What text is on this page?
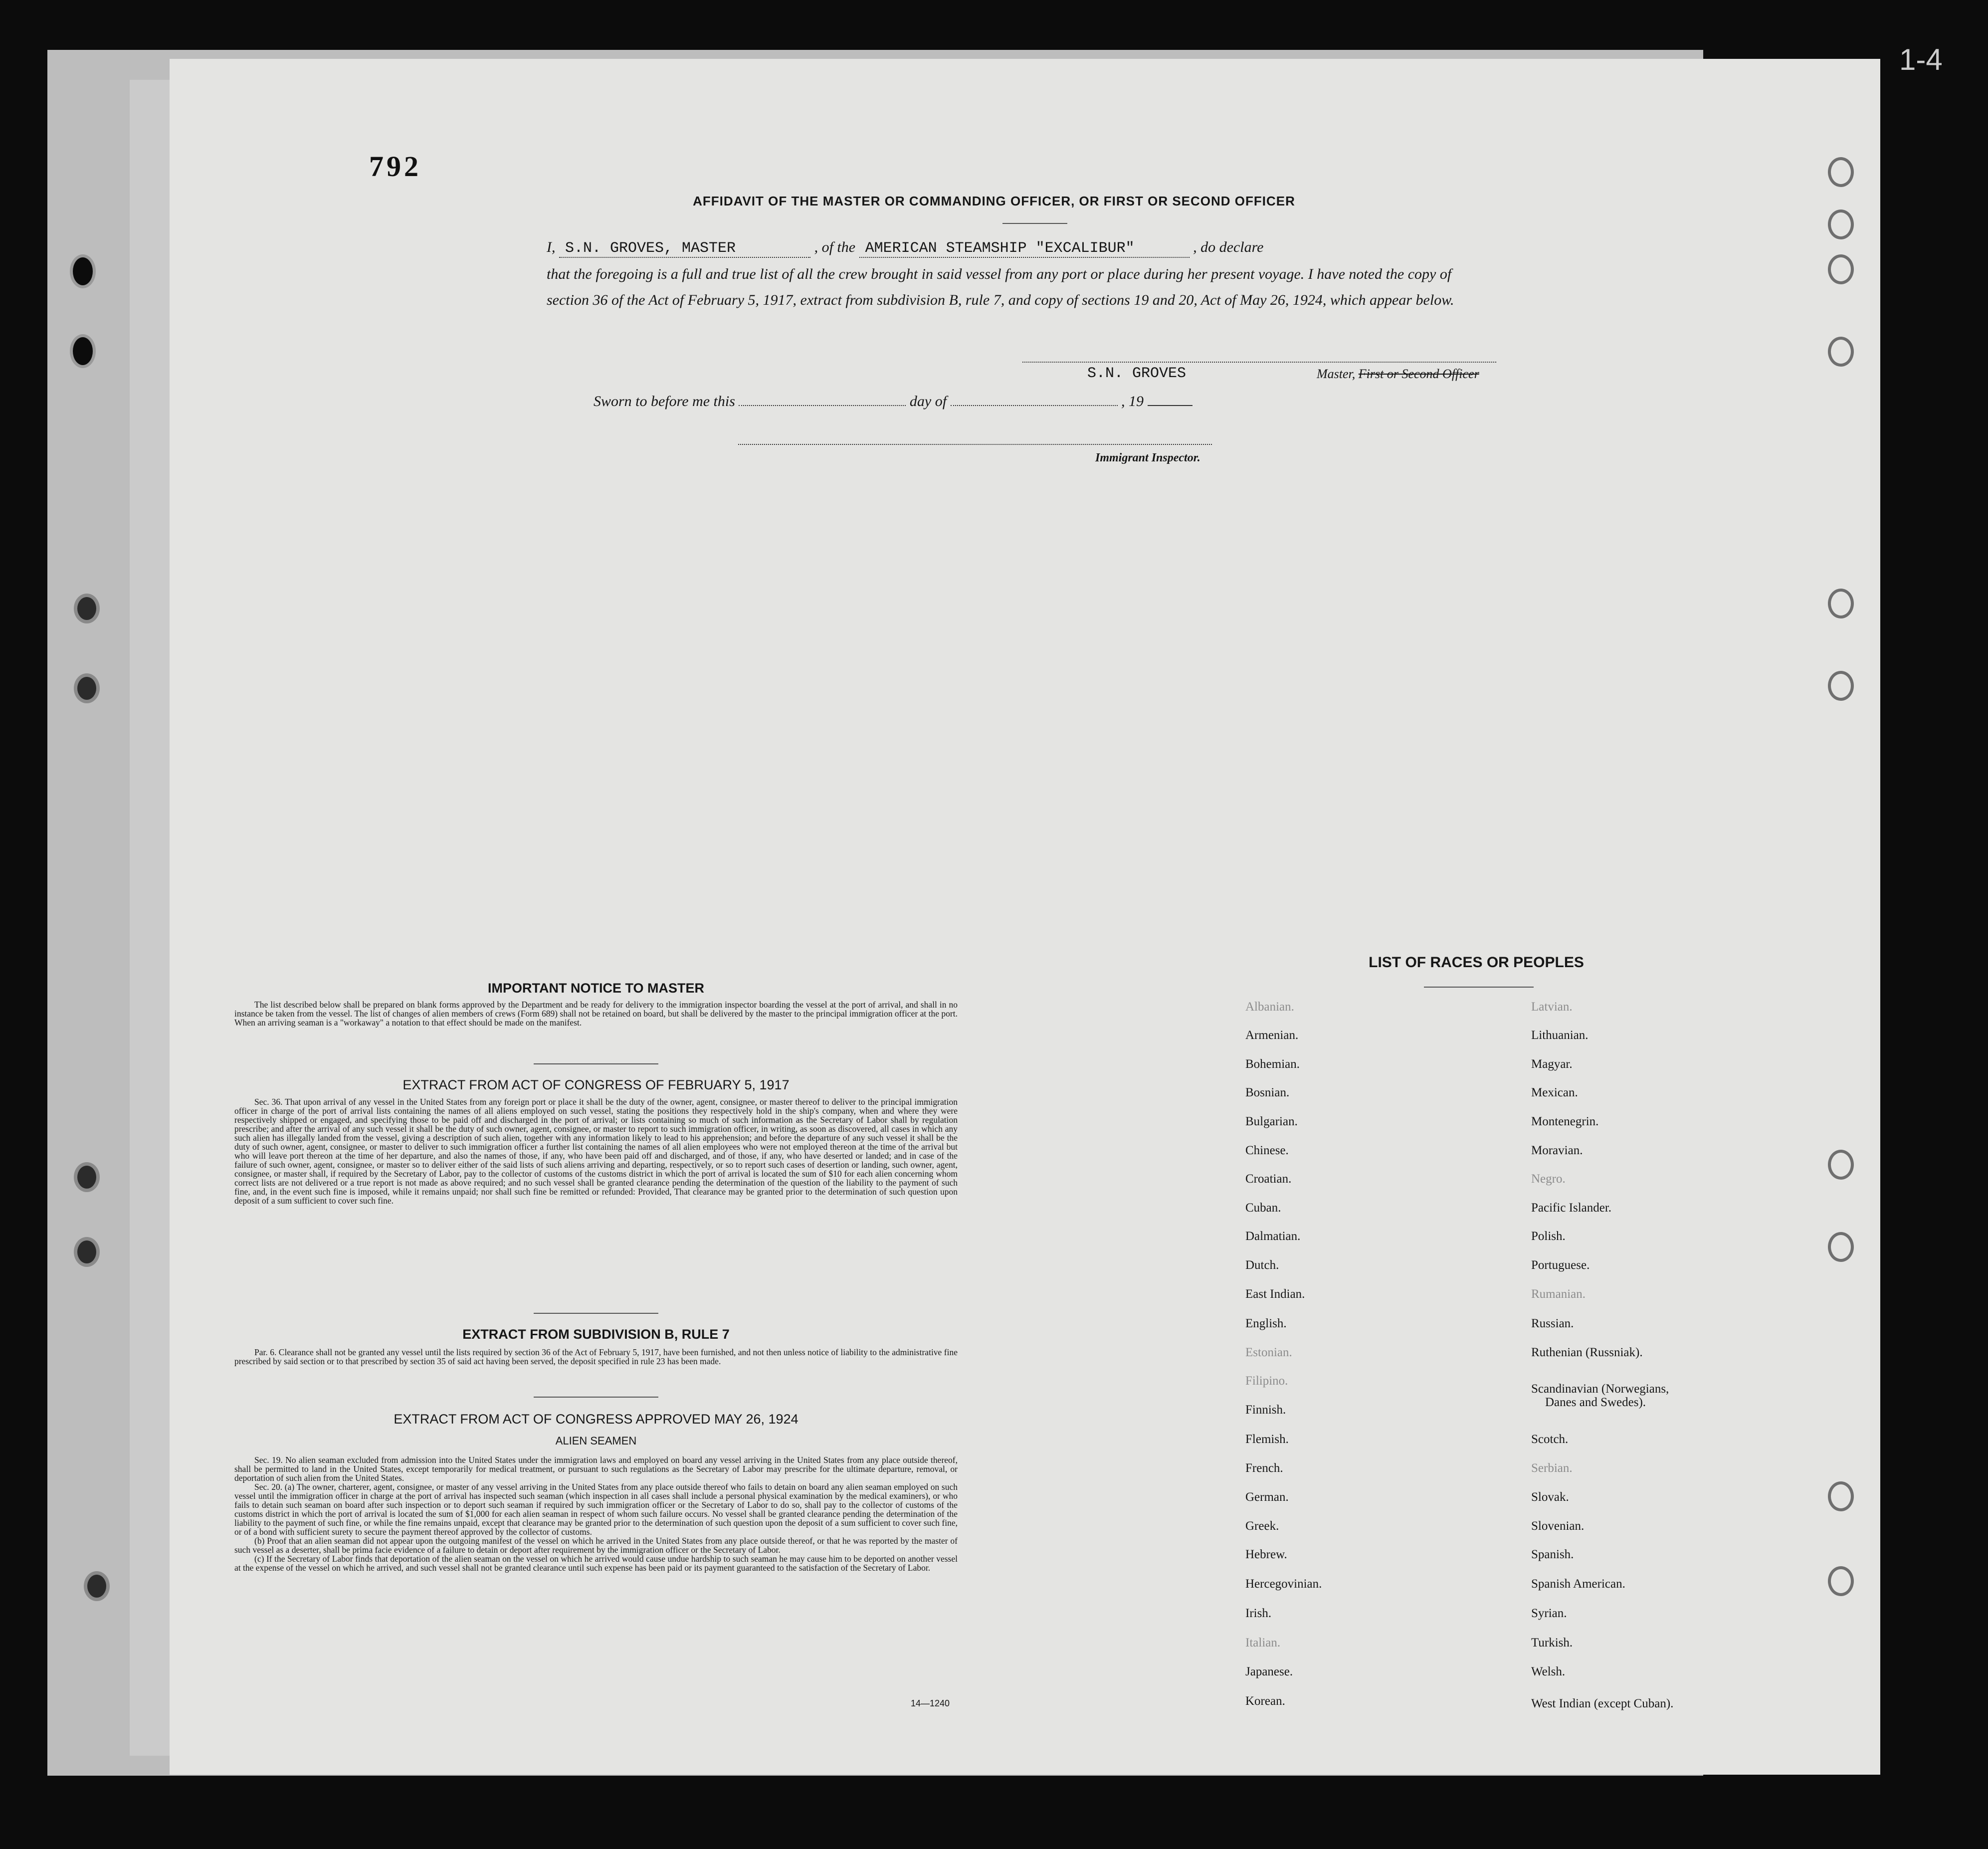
1-4
792
AFFIDAVIT OF THE MASTER OR COMMANDING OFFICER, OR FIRST OR SECOND OFFICER
I, S.N. GROVES, MASTER	, of the AMERICAN STEAMSHIP "EXCALIBUR"	, do declare
that the foregoing is a full and true list of all the crew brought in said vessel from any port or place during her present voyage. I have noted the copy of section 36 of the Act of February 5, 1917, extract from subdivision B, rule 7, and copy of sections 19 and 20, Act of May 26, 1924, which appear below.
S.N. GROVES	Master, First or Second Officer
Sworn to before me this	day of	, 19
Immigrant Inspector.
IMPORTANT NOTICE TO MASTER

The list described below shall be prepared on blank forms approved by the Department and be ready for delivery to the immigration inspector boarding the vessel at the port of arrival, and shall in no instance be taken from the vessel. The list of changes of alien members of crews (Form 689) shall not be retained on board, but shall be delivered by the master to the principal immigration officer at the port. When an arriving seaman is a "workaway" a notation to that effect should be made on the manifest.

EXTRACT FROM ACT OF CONGRESS OF FEBRUARY 5, 1917

Sec. 36. That upon arrival of any vessel in the United States from any foreign port or place it shall be the duty of the owner, agent, consignee, or master thereof to deliver to the principal immigration officer in charge of the port of arrival lists containing the names of all aliens employed on such vessel, stating the positions they respectively hold in the ship's company, when and where they were respectively shipped or engaged, and specifying those to be paid off and discharged in the port of arrival; or lists containing so much of such information as the Secretary of Labor shall by regulation prescribe; and after the arrival of any such vessel it shall be the duty of such owner, agent, consignee, or master to report to such immigration officer, in writing, as soon as discovered, all cases in which any such alien has illegally landed from the vessel, giving a description of such alien, together with any information likely to lead to his apprehension; and before the departure of any such vessel it shall be the duty of such owner, agent, consignee, or master to deliver to such immigration officer a further list containing the names of all alien employees who were not employed thereon at the time of the arrival but who will leave port thereon at the time of her departure, and also the names of those, if any, who have been paid off and discharged, and of those, if any, who have deserted or landed; and in case of the failure of such owner, agent, consignee, or master so to deliver either of the said lists of such aliens arriving and departing, respectively, or so to report such cases of desertion or landing, such owner, agent, consignee, or master shall, if required by the Secretary of Labor, pay to the collector of customs of the customs district in which the port of arrival is located the sum of $10 for each alien concerning whom correct lists are not delivered or a true report is not made as above required; and no such vessel shall be granted clearance pending the determination of the question of the liability to the payment of such fine, and, in the event such fine is imposed, while it remains unpaid; nor shall such fine be remitted or refunded: Provided, That clearance may be granted prior to the determination of such question upon deposit of a sum sufficient to cover such fine.

EXTRACT FROM SUBDIVISION B, RULE 7

Par. 6. Clearance shall not be granted any vessel until the lists required by section 36 of the Act of February 5, 1917, have been furnished, and not then unless notice of liability to the administrative fine prescribed by said section or to that prescribed by section 35 of said act having been served, the deposit specified in rule 23 has been made.

EXTRACT FROM ACT OF CONGRESS APPROVED MAY 26, 1924
ALIEN SEAMEN

Sec. 19. No alien seaman excluded from admission into the United States under the immigration laws and employed on board any vessel arriving in the United States from any place outside thereof, shall be permitted to land in the United States, except temporarily for medical treatment, or pursuant to such regulations as the Secretary of Labor may prescribe for the ultimate departure, removal, or deportation of such alien from the United States.

Sec. 20. (a) The owner, charterer, agent, consignee, or master of any vessel arriving in the United States from any place outside thereof who fails to detain on board any alien seaman employed on such vessel until the immigration officer in charge at the port of arrival has inspected such seaman (which inspection in all cases shall include a personal physical examination by the medical examiners), or who fails to detain such seaman on board after such inspection or to deport such seaman if required by such immigration officer or the Secretary of Labor to do so, shall pay to the collector of customs of the customs district in which the port of arrival is located the sum of $1,000 for each alien seaman in respect of whom such failure occurs. No vessel shall be granted clearance pending the determination of the liability to the payment of such fine, or while the fine remains unpaid, except that clearance may be granted prior to the determination of such question upon the deposit of a sum sufficient to cover such fine, or of a bond with sufficient surety to secure the payment thereof approved by the collector of customs.

(b) Proof that an alien seaman did not appear upon the outgoing manifest of the vessel on which he arrived in the United States from any place outside thereof, or that he was reported by the master of such vessel as a deserter, shall be prima facie evidence of a failure to detain or deport after requirement by the immigration officer or the Secretary of Labor.

(c) If the Secretary of Labor finds that deportation of the alien seaman on the vessel on which he arrived would cause undue hardship to such seaman he may cause him to be deported on another vessel at the expense of the vessel on which he arrived, and such vessel shall not be granted clearance until such expense has been paid or its payment guaranteed to the satisfaction of the Secretary of Labor.

14—1240
LIST OF RACES OR PEOPLES
Albanian.
Armenian.
Bohemian.
Bosnian.
Bulgarian.
Chinese.
Croatian.
Cuban.
Dalmatian.
Dutch.
East Indian.
English.
Estonian.
Filipino.
Finnish.
Flemish.
French.
German.
Greek.
Hebrew.
Hercegovinian.
Irish.
Italian.
Japanese.
Korean.
Latvian.
Lithuanian.
Magyar.
Mexican.
Montenegrin.
Moravian.
Negro.
Pacific Islander.
Polish.
Portuguese.
Rumanian.
Russian.
Ruthenian (Russniak).
Scandinavian (Norwegians,
Danes and Swedes).
Scotch.
Serbian.
Slovak.
Slovenian.
Spanish.
Spanish American.
Syrian.
Turkish.
Welsh.
West Indian (except Cuban).
